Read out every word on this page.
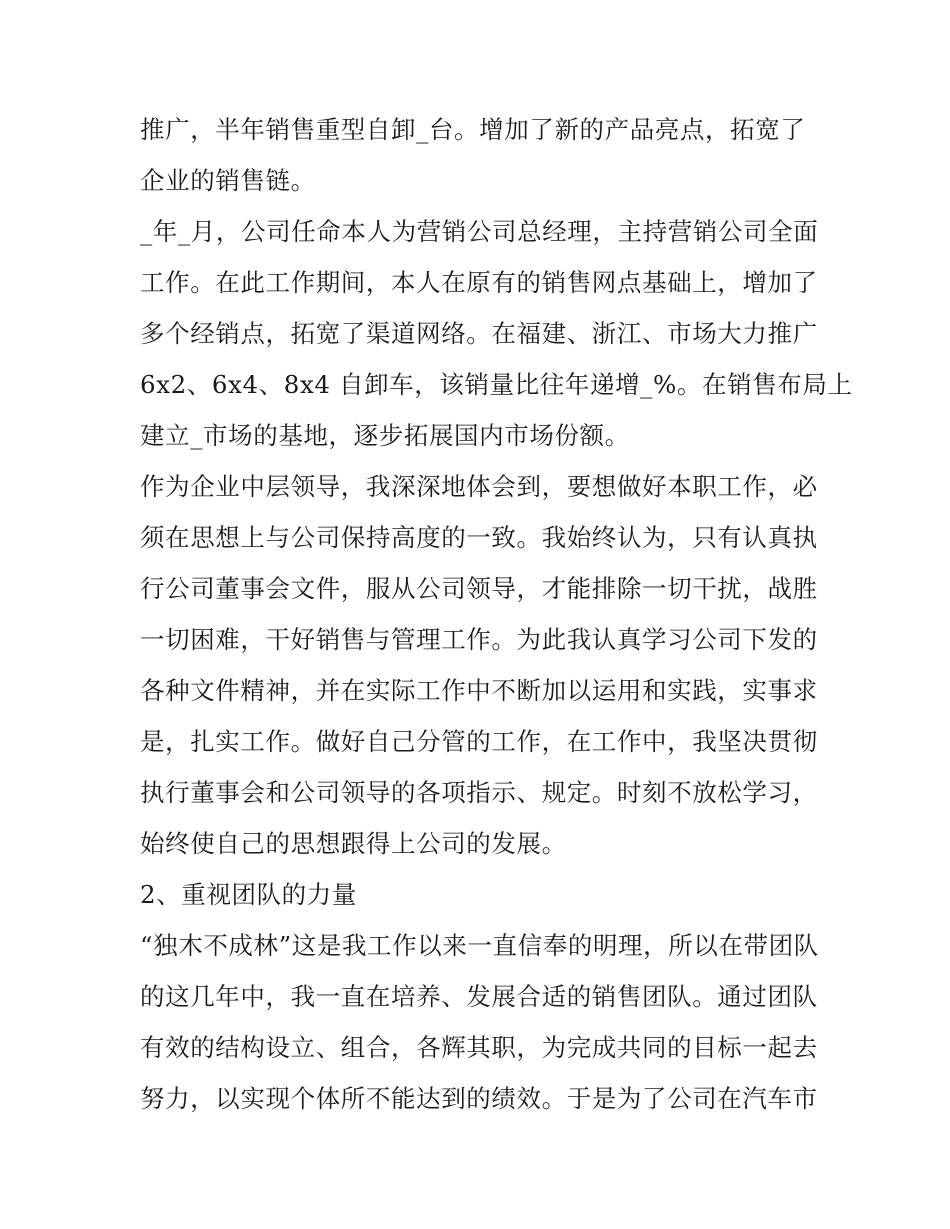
推广，半年销售重型自卸_台。增加了新的产品亮点，拓宽了
企业的销售链。
_年_月，公司任命本人为营销公司总经理，主持营销公司全面
工作。在此工作期间，本人在原有的销售网点基础上，增加了
多个经销点，拓宽了渠道网络。在福建、浙江、市场大力推广
6x2、6x4、8x4 自卸车，该销量比往年递增_%。在销售布局上
建立_市场的基地，逐步拓展国内市场份额。
作为企业中层领导，我深深地体会到，要想做好本职工作，必
须在思想上与公司保持高度的一致。我始终认为，只有认真执
行公司董事会文件，服从公司领导，才能排除一切干扰，战胜
一切困难，干好销售与管理工作。为此我认真学习公司下发的
各种文件精神，并在实际工作中不断加以运用和实践，实事求
是，扎实工作。做好自己分管的工作，在工作中，我坚决贯彻
执行董事会和公司领导的各项指示、规定。时刻不放松学习，
始终使自己的思想跟得上公司的发展。
2、重视团队的力量
“独木不成林”这是我工作以来一直信奉的明理，所以在带团队
的这几年中，我一直在培养、发展合适的销售团队。通过团队
有效的结构设立、组合，各辉其职，为完成共同的目标一起去
努力，以实现个体所不能达到的绩效。于是为了公司在汽车市
